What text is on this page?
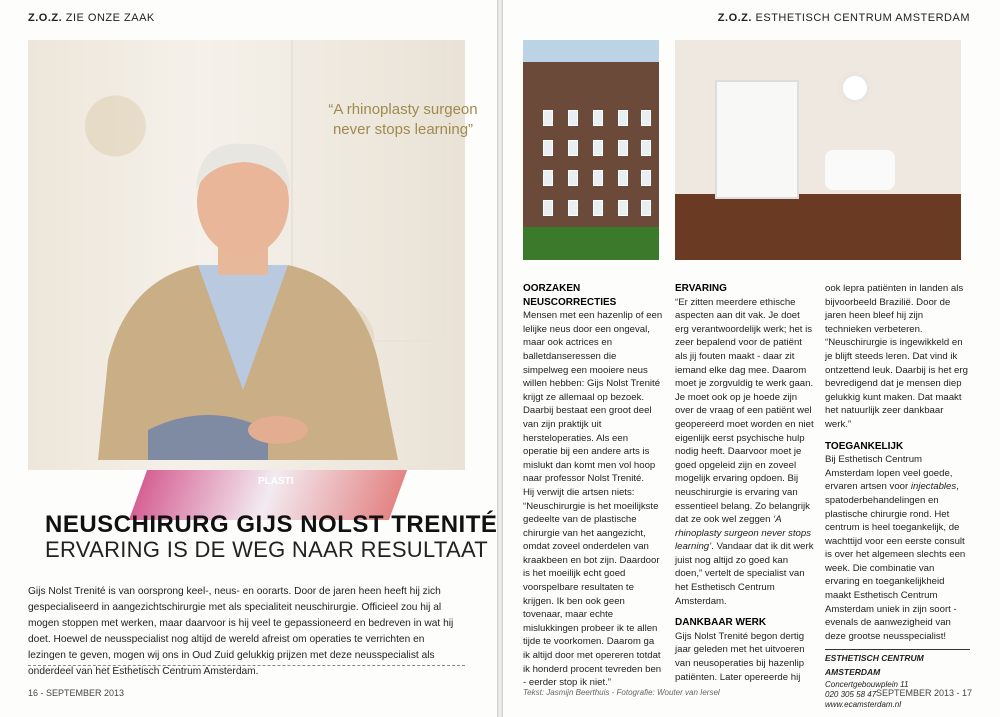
Z.O.Z. ZIE ONZE ZAAK
“A rhinoplasty surgeon never stops learning”
PLASTI
NEUSCHIRURG GIJS NOLST TRENITÉ
ERVARING IS DE WEG NAAR RESULTAAT
Gijs Nolst Trenité is van oorsprong keel-, neus- en oorarts. Door de jaren heen heeft hij zich gespecialiseerd in aangezichtschirurgie met als specialiteit neuschirurgie. Officieel zou hij al mogen stoppen met werken, maar daarvoor is hij veel te gepassioneerd en bedreven in wat hij doet. Hoewel de neusspecialist nog altijd de wereld afreist om operaties te verrichten en lezingen te geven, mogen wij ons in Oud Zuid gelukkig prijzen met deze neusspecialist als onderdeel van het Esthetisch Centrum Amsterdam.
16 - SEPTEMBER 2013
Z.O.Z. ESTHETISCH CENTRUM AMSTERDAM
OORZAKEN NEUSCORRECTIES
Mensen met een hazenlip of een lelijke neus door een ongeval, maar ook actrices en balletdanseressen die simpelweg een mooiere neus willen hebben: Gijs Nolst Trenité krijgt ze allemaal op bezoek. Daarbij bestaat een groot deel van zijn praktijk uit hersteloperaties. Als een operatie bij een andere arts is mislukt dan komt men vol hoop naar professor Nolst Trenité.
Hij verwijt die artsen niets: “Neuschirurgie is het moeilijkste gedeelte van de plastische chirurgie van het aangezicht, omdat zoveel onderdelen van kraakbeen en bot zijn. Daardoor is het moeilijk echt goed voorspelbare resultaten te krijgen. Ik ben ook geen tovenaar, maar echte mislukkingen probeer ik te allen tijde te voorkomen. Daarom ga ik altijd door met opereren totdat ik honderd procent tevreden ben - eerder stop ik niet.”
ERVARING
“Er zitten meerdere ethische aspecten aan dit vak. Je doet erg verantwoordelijk werk; het is zeer bepalend voor de patiënt als jij fouten maakt - daar zit iemand elke dag mee. Daarom moet je zorgvuldig te werk gaan. Je moet ook op je hoede zijn over de vraag of een patiënt wel geopereerd moet worden en niet eigenlijk eerst psychische hulp nodig heeft. Daarvoor moet je goed opgeleid zijn en zoveel mogelijk ervaring opdoen. Bij neuschirurgie is ervaring van essentieel belang. Zo belangrijk dat ze ook wel zeggen ‘A rhinoplasty surgeon never stops learning’. Vandaar dat ik dit werk juist nog altijd zo goed kan doen,” vertelt de specialist van het Esthetisch Centrum Amsterdam.
DANKBAAR WERK
Gijs Nolst Trenité begon dertig jaar geleden met het uitvoeren van neusoperaties bij hazenlip patiënten. Later opereerde hij
ook lepra patiënten in landen als bijvoorbeeld Brazilië. Door de jaren heen bleef hij zijn technieken verbeteren. “Neuschirurgie is ingewikkeld en je blijft steeds leren. Dat vind ik ontzettend leuk. Daarbij is het erg bevredigend dat je mensen diep gelukkig kunt maken. Dat maakt het natuurlijk zeer dankbaar werk.”
TOEGANKELIJK
Bij Esthetisch Centrum Amsterdam lopen veel goede, ervaren artsen voor injectables, spatoderbehandelingen en plastische chirurgie rond. Het centrum is heel toegankelijk, de wachttijd voor een eerste consult is over het algemeen slechts een week. Die combinatie van ervaring en toegankelijkheid maakt Esthetisch Centrum Amsterdam uniek in zijn soort - evenals de aanwezigheid van deze grootse neusspecialist!
ESTHETISCH CENTRUM AMSTERDAM
Concertgebouwplein 11
020 305 58 47
www.ecamsterdam.nl
Tekst: Jasmijn Beerthuis - Fotografie: Wouter van Iersel	SEPTEMBER 2013 - 17
